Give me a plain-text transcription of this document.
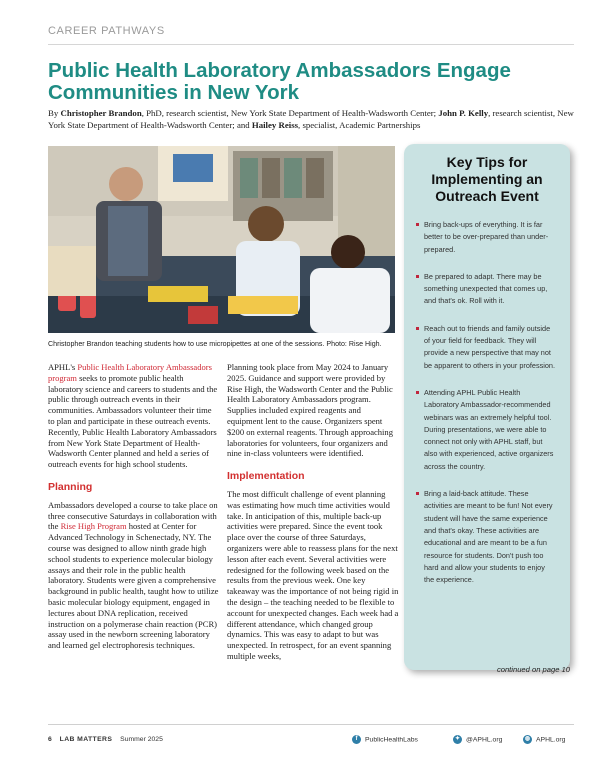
CAREER PATHWAYS
Public Health Laboratory Ambassadors Engage Communities in New York

By Christopher Brandon, PhD, research scientist, New York State Department of Health-Wadsworth Center; John P. Kelly, research scientist, New York State Department of Health-Wadsworth Center; and Hailey Reiss, specialist, Academic Partnerships

Christopher Brandon teaching students how to use micropipettes at one of the sessions. Photo: Rise High.
Key Tips for Implementing an Outreach Event
Bring back-ups of everything. It is far better to be over-prepared than under-prepared.
Be prepared to adapt. There may be something unexpected that comes up, and that's ok. Roll with it.
Reach out to friends and family outside of your field for feedback. They will provide a new perspective that may not be apparent to others in your profession.
Attending APHL Public Health Laboratory Ambassador-recommended webinars was an extremely helpful tool. During presentations, we were able to connect not only with APHL staff, but also with experienced, active organizers across the country.
Bring a laid-back attitude. These activities are meant to be fun! Not every student will have the same experience and that's okay. These activities are educational and are meant to be a fun resource for students. Don't push too hard and allow your students to enjoy the experience.

APHL's Public Health Laboratory Ambassadors program seeks to promote public health laboratory science and careers to students and the public through outreach events in their communities. Ambassadors volunteer their time to plan and participate in these outreach events. Recently, Public Health Laboratory Ambassadors from New York State Department of Health-Wadsworth Center planned and held a series of outreach events for high school students.

Planning

Ambassadors developed a course to take place on three consecutive Saturdays in collaboration with the Rise High Program hosted at Center for Advanced Technology in Schenectady, NY. The course was designed to allow ninth grade high school students to experience molecular biology assays and their role in the public health laboratory. Students were given a comprehensive background in public health, taught how to utilize basic molecular biology equipment, engaged in lectures about DNA replication, received instruction on a polymerase chain reaction (PCR) assay used in the newborn screening laboratory and learned gel electrophoresis techniques.

Planning took place from May 2024 to January 2025. Guidance and support were provided by Rise High, the Wadsworth Center and the Public Health Laboratory Ambassadors program. Supplies included expired reagents and equipment lent to the cause. Organizers spent $200 on external reagents. Through approaching laboratories for volunteers, four organizers and nine in-class volunteers were identified.

Implementation

The most difficult challenge of event planning was estimating how much time activities would take. In anticipation of this, multiple back-up activities were prepared. Since the event took place over the course of three Saturdays, organizers were able to reassess plans for the next lesson after each event. Several activities were redesigned for the following week based on the results from the previous week. One key takeaway was the importance of not being rigid in the design – the teaching needed to be flexible to account for unexpected changes. Each week had a different attendance, which changed group dynamics. This was easy to adapt to but was unexpected. In retrospect, for an event spanning multiple weeks,

continued on page 10
6 LAB MATTERS Summer 2025	f PublicHealthLabs	✦ @APHL.org	◍ APHL.org
